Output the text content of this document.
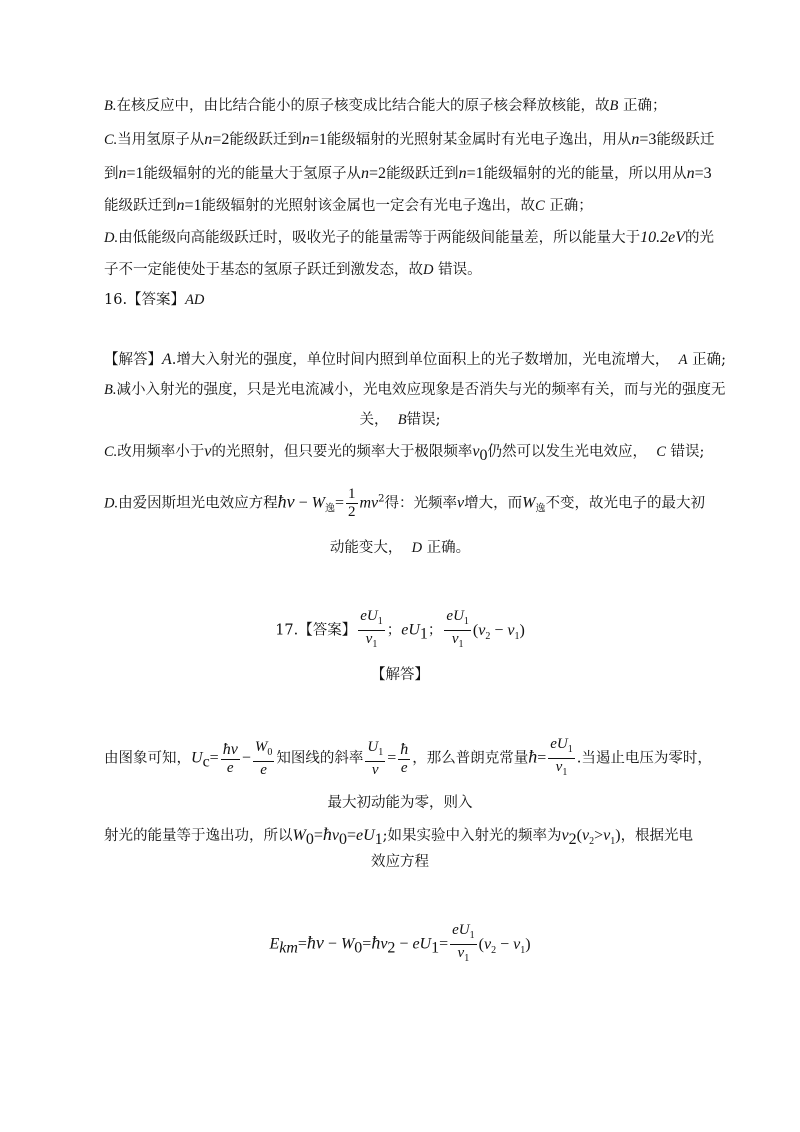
B.在核反应中，由比结合能小的原子核变成比结合能大的原子核会释放核能，故B 正确；
C.当用氢原子从n=2能级跃迁到n=1能级辐射的光照射某金属时有光电子逸出，用从n=3能级跃迁
到n=1能级辐射的光的能量大于氢原子从n=2能级跃迁到n=1能级辐射的光的能量，所以用从n=3
能级跃迁到n=1能级辐射的光照射该金属也一定会有光电子逸出，故C 正确；
D.由低能级向高能级跃迁时，吸收光子的能量需等于两能级间能量差，所以能量大于10.2eV的光
子不一定能使处于基态的氢原子跃迁到激发态，故D 错误。
16.【答案】AD
【解答】A.增大入射光的强度，单位时间内照到单位面积上的光子数增加，光电流增大， A 正确;
B.减小入射光的强度，只是光电流减小，光电效应现象是否消失与光的频率有关，而与光的强度无
关， B错误;
C.改用频率小于ν的光照射，但只要光的频率大于极限频率$\nu_0$仍然可以发生光电效应， C 错误;
D.由爱因斯坦光电效应方程ħν − $W_逸= \frac{1}{2} mv^2$得：光频率ν增大，而$W_逸$不变，故光电子的最大初
动能变大， D 正确。
17.【答案】 $\frac{eU_1}{\nu_1}$ ；$eU_1$； $\frac{eU_1}{\nu_1} (\nu_2 - \nu_1)$
【解答】
由图象可知，$U_c= \frac{ħ\nu}{e} - \frac{W_0}{e}$ 知图线的斜率 $\frac{U_1}{\nu} = \frac{ħ}{e}$ ，那么普朗克常量ħ= $\frac{eU_1}{\nu_1}$ .当遏止电压为零时，
最大初动能为零，则入
射光的能量等于逸出功，所以$W_0=ħ\nu_0=eU_1$;如果实验中入射光的频率为$\nu_2(\nu_2>\nu_1)$，根据光电
效应方程
$E_{km}=ħ\nu$ − $W_0=ħ\nu_2 - eU_1= \frac{eU_1}{\nu_1} (\nu_2 - \nu_1)$
